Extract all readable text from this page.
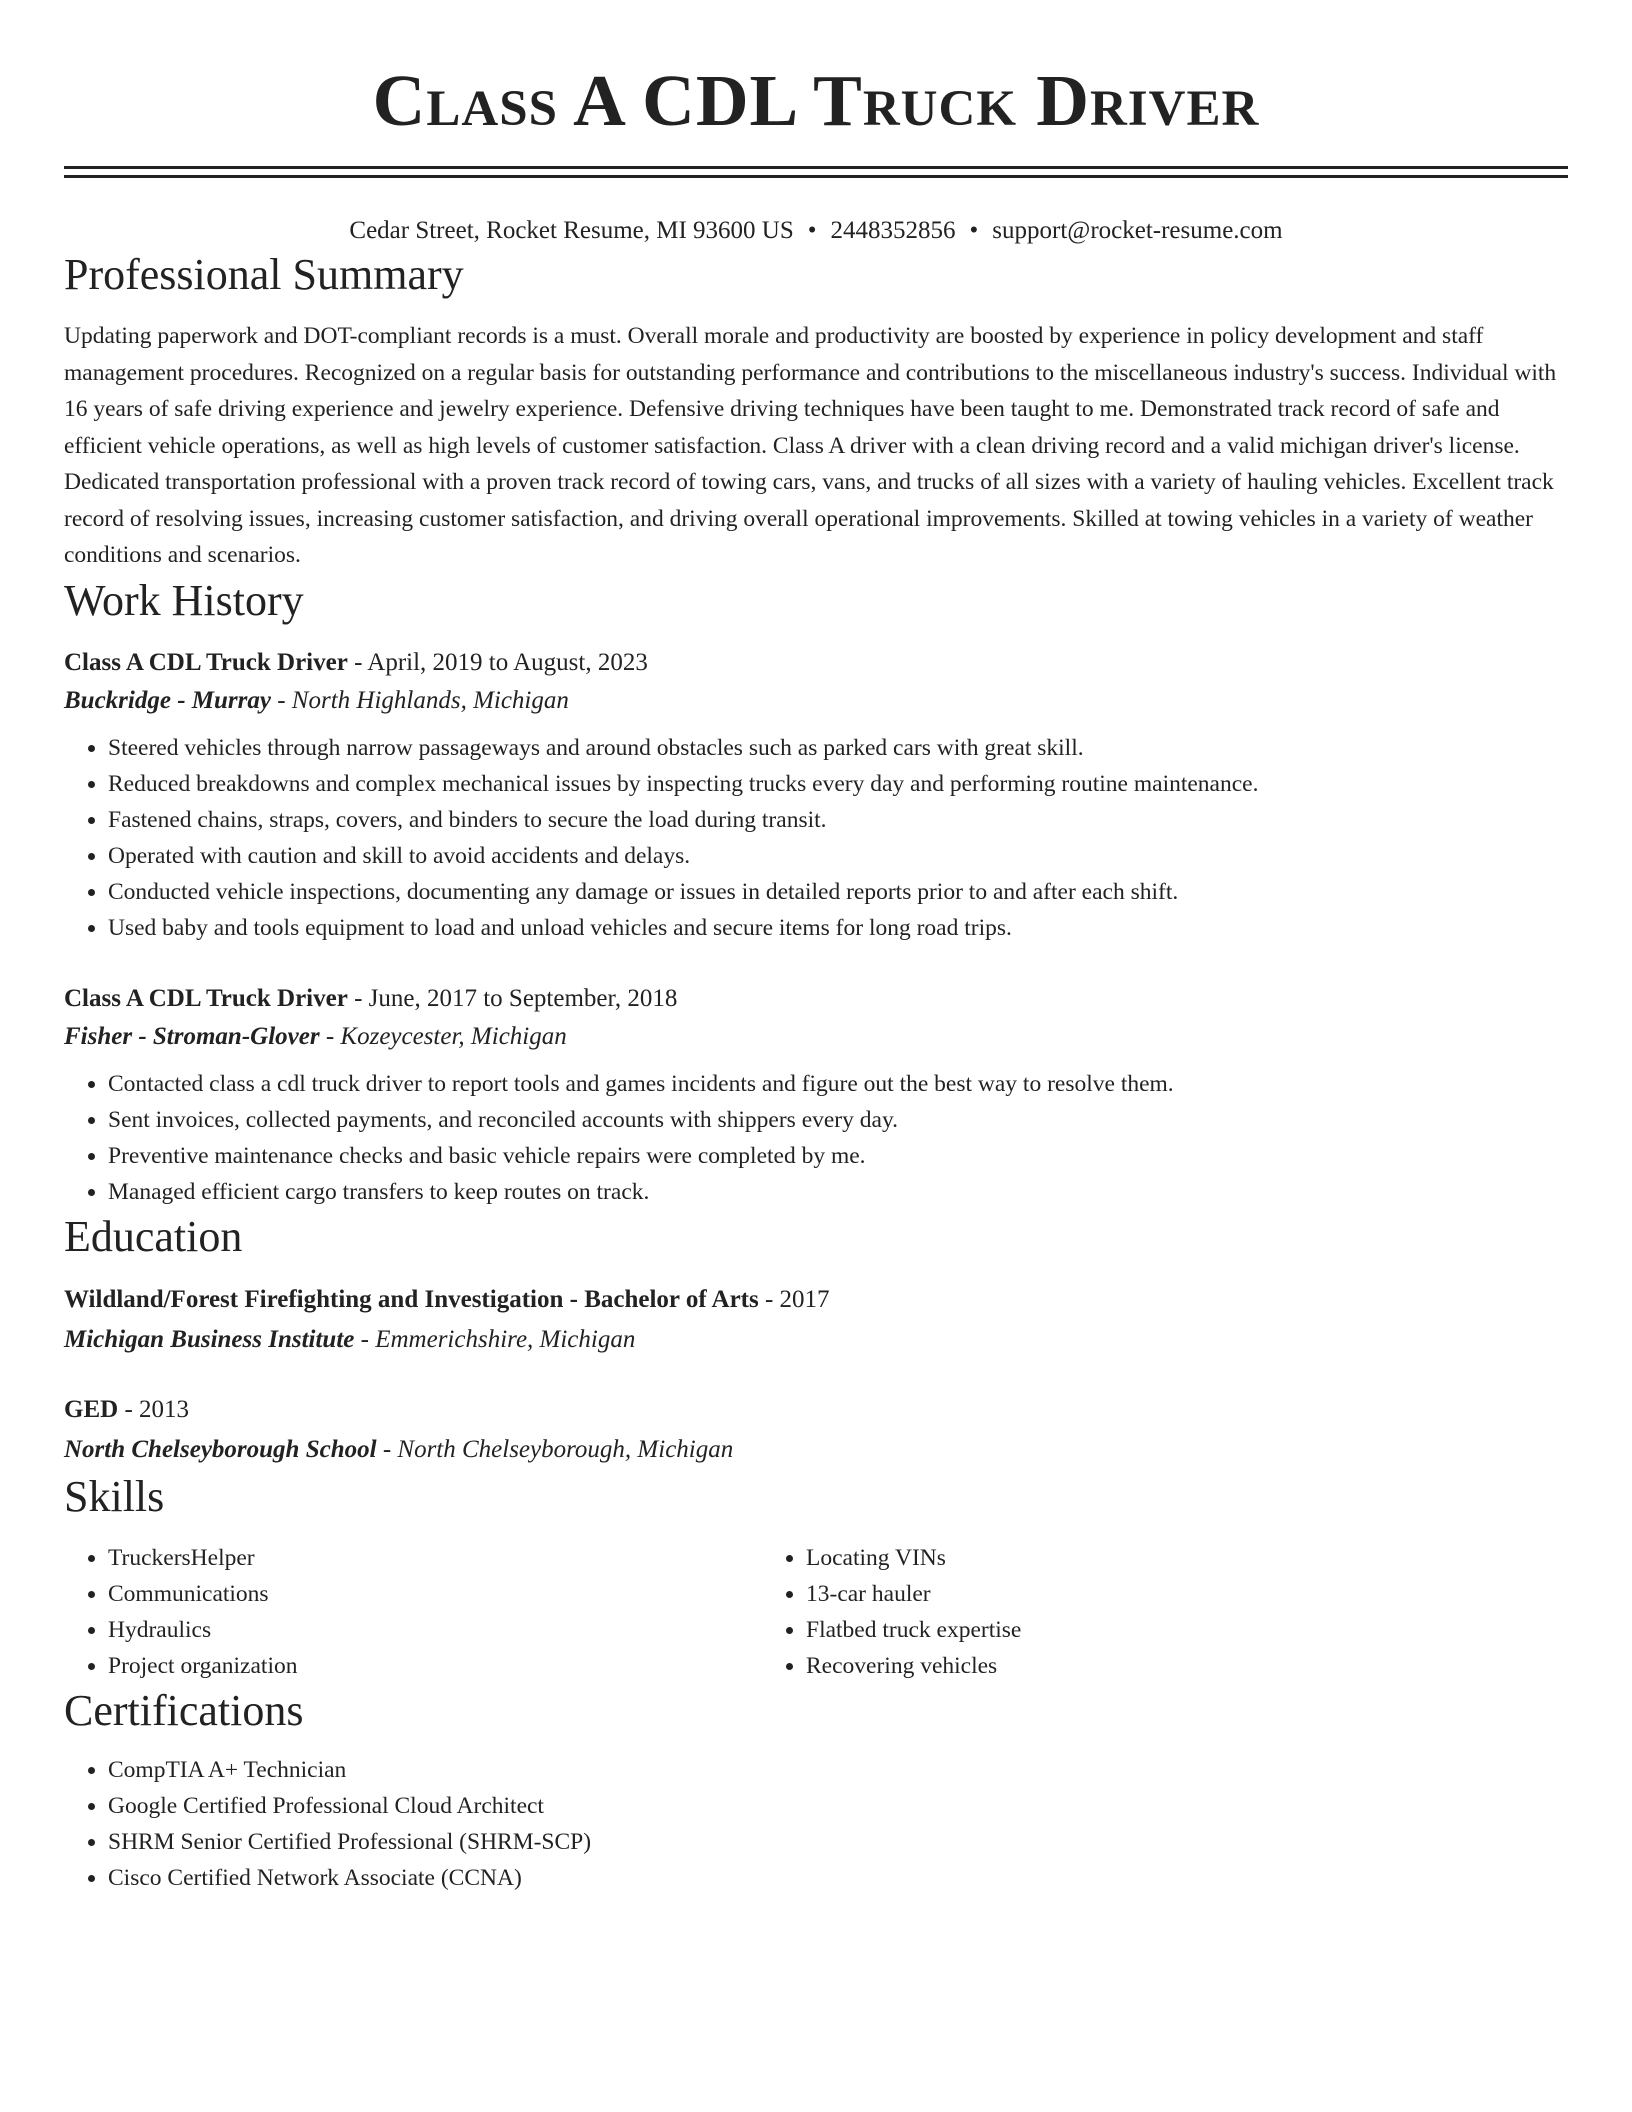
Class A CDL Truck Driver
Cedar Street, Rocket Resume, MI 93600 US • 2448352856 • support@rocket-resume.com
Professional Summary

Updating paperwork and DOT-compliant records is a must. Overall morale and productivity are boosted by experience in policy development and staff management procedures. Recognized on a regular basis for outstanding performance and contributions to the miscellaneous industry's success. Individual with 16 years of safe driving experience and jewelry experience. Defensive driving techniques have been taught to me. Demonstrated track record of safe and efficient vehicle operations, as well as high levels of customer satisfaction. Class A driver with a clean driving record and a valid michigan driver's license. Dedicated transportation professional with a proven track record of towing cars, vans, and trucks of all sizes with a variety of hauling vehicles. Excellent track record of resolving issues, increasing customer satisfaction, and driving overall operational improvements. Skilled at towing vehicles in a variety of weather conditions and scenarios.

Work History
Class A CDL Truck Driver - April, 2019 to August, 2023
Buckridge - Murray - North Highlands, Michigan
• Steered vehicles through narrow passageways and around obstacles such as parked cars with great skill.
• Reduced breakdowns and complex mechanical issues by inspecting trucks every day and performing routine maintenance.
• Fastened chains, straps, covers, and binders to secure the load during transit.
• Operated with caution and skill to avoid accidents and delays.
• Conducted vehicle inspections, documenting any damage or issues in detailed reports prior to and after each shift.
• Used baby and tools equipment to load and unload vehicles and secure items for long road trips.
Class A CDL Truck Driver - June, 2017 to September, 2018
Fisher - Stroman-Glover - Kozeycester, Michigan
• Contacted class a cdl truck driver to report tools and games incidents and figure out the best way to resolve them.
• Sent invoices, collected payments, and reconciled accounts with shippers every day.
• Preventive maintenance checks and basic vehicle repairs were completed by me.
• Managed efficient cargo transfers to keep routes on track.
Education
Wildland/Forest Firefighting and Investigation - Bachelor of Arts - 2017
Michigan Business Institute - Emmerichshire, Michigan
GED - 2013
North Chelseyborough School - North Chelseyborough, Michigan
Skills
• TruckersHelper
• Communications
• Hydraulics
• Project organization
• Locating VINs
• 13-car hauler
• Flatbed truck expertise
• Recovering vehicles
Certifications
• CompTIA A+ Technician
• Google Certified Professional Cloud Architect
• SHRM Senior Certified Professional (SHRM-SCP)
• Cisco Certified Network Associate (CCNA)
